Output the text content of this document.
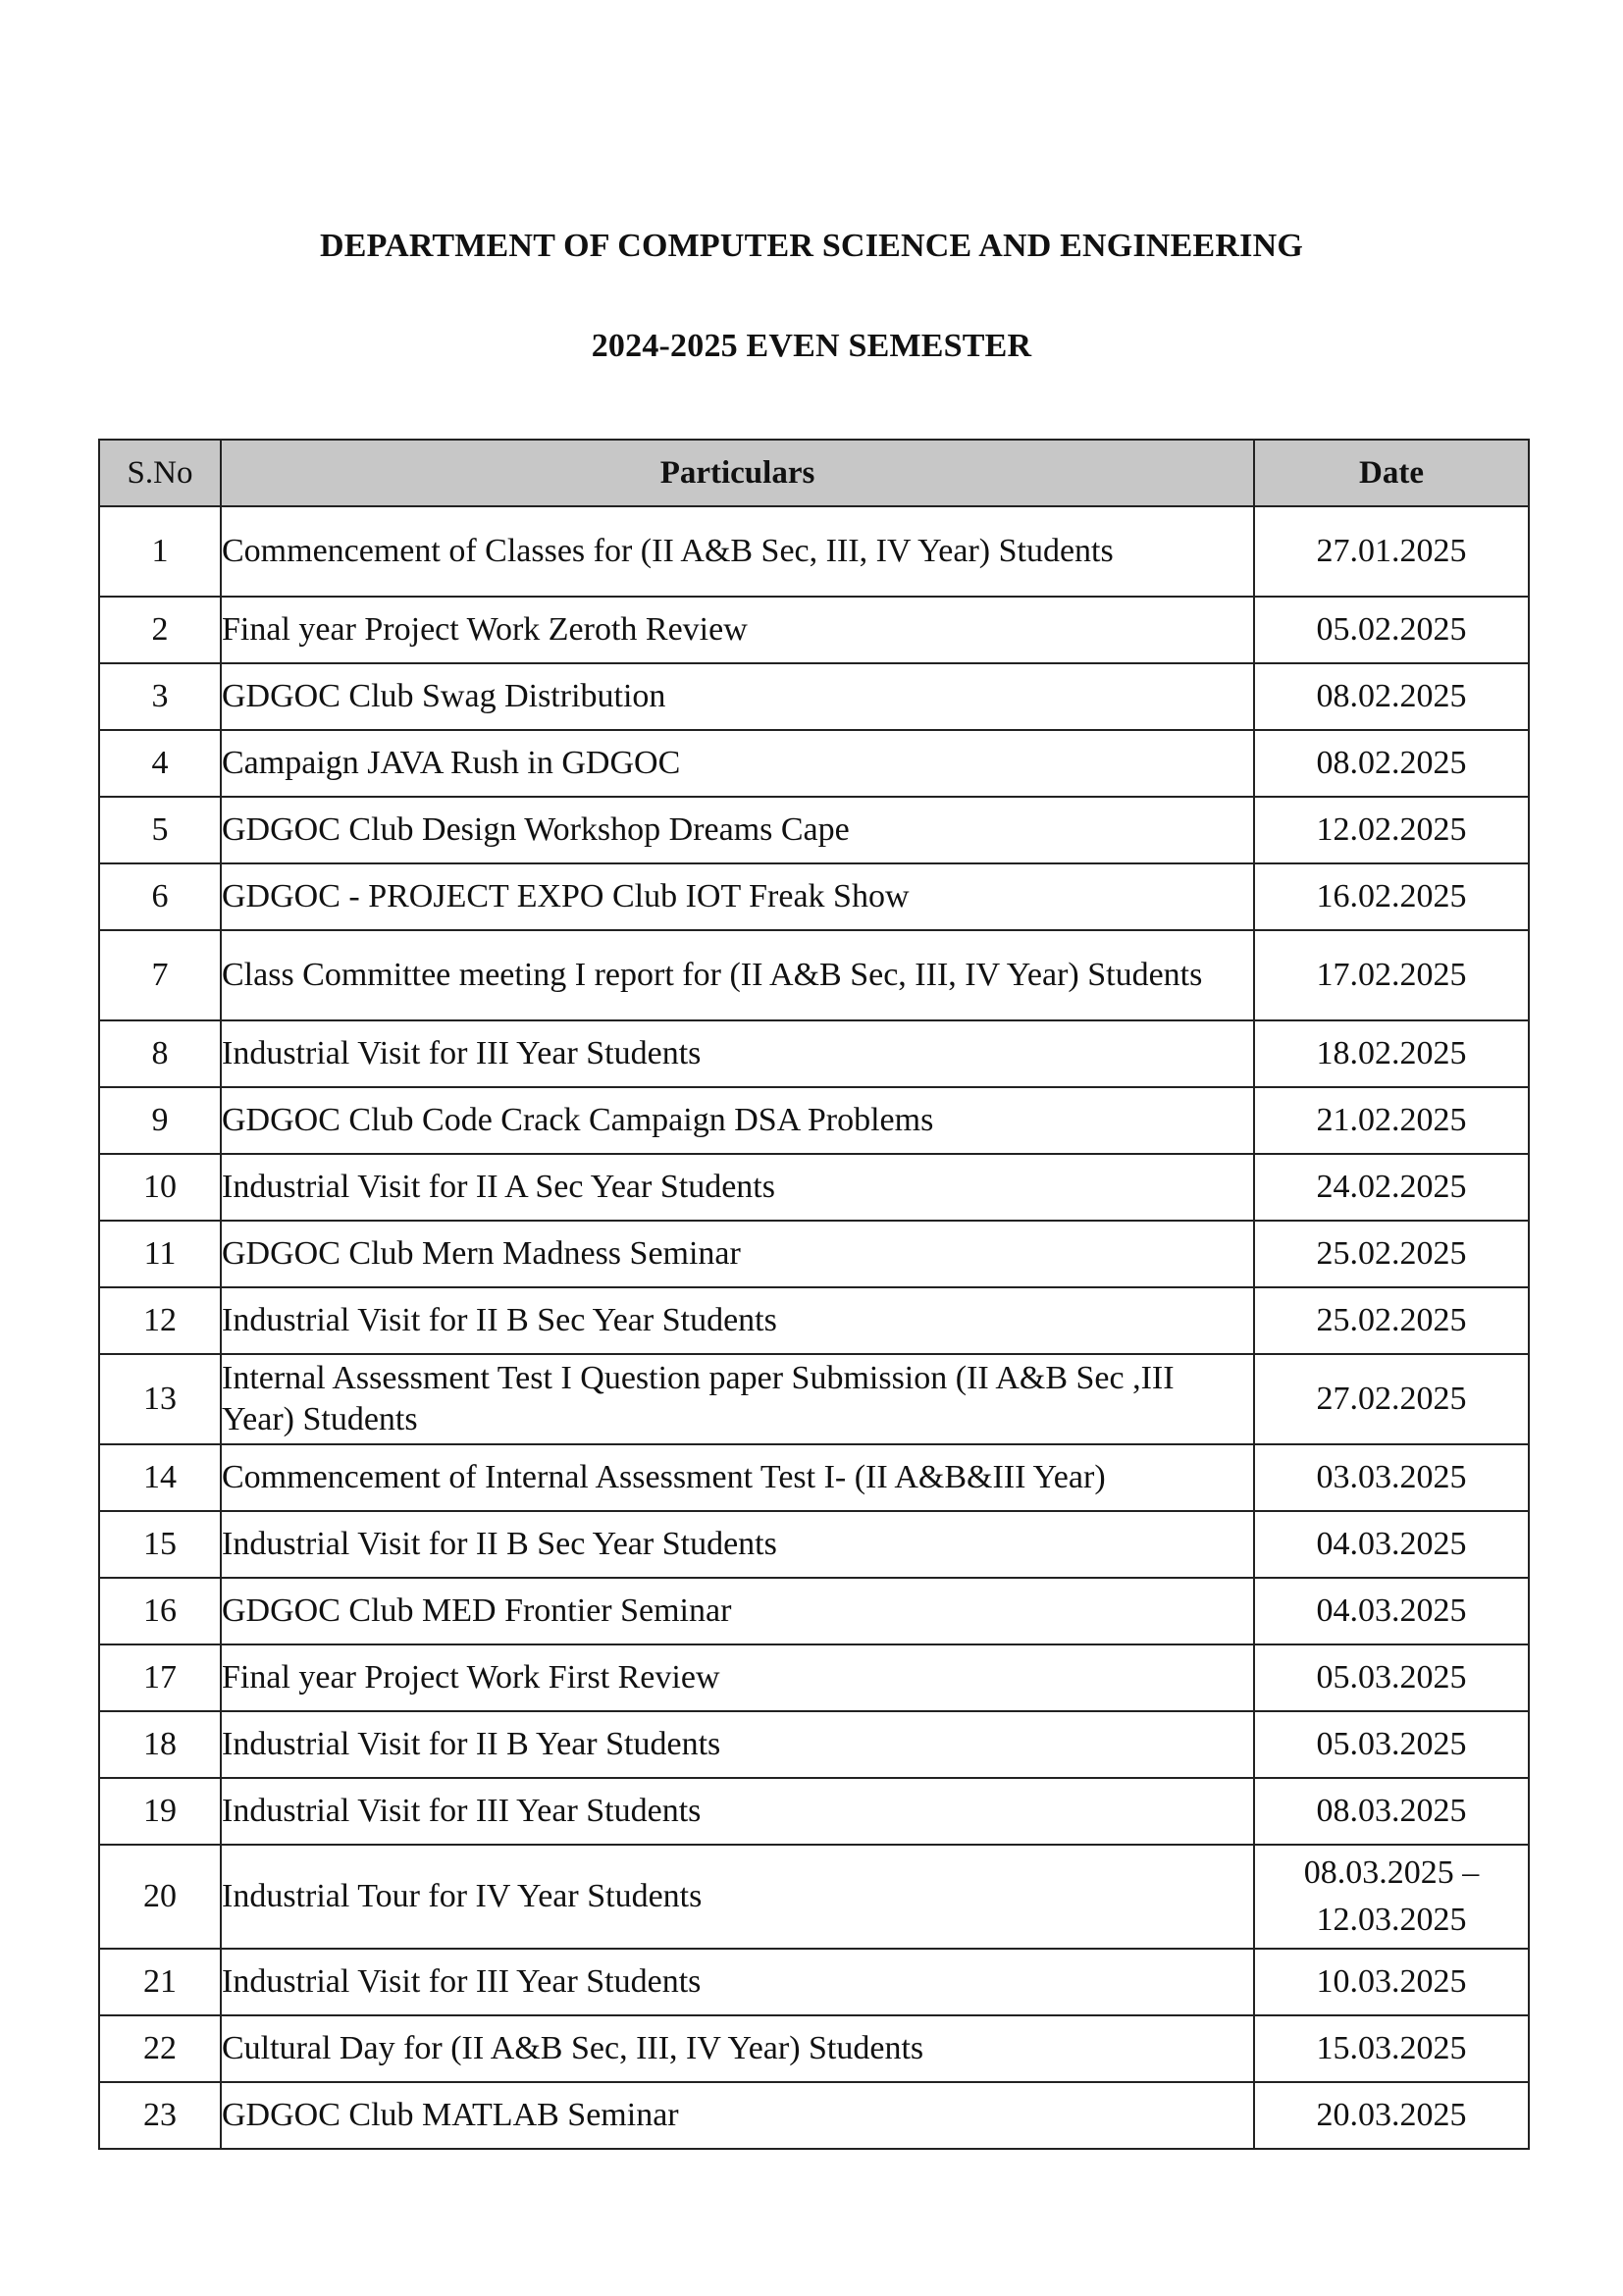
DEPARTMENT OF COMPUTER SCIENCE AND ENGINEERING
2024-2025 EVEN SEMESTER
S.No	Particulars	Date
1	Commencement of Classes for (II A&B Sec, III, IV Year) Students	27.01.2025
2	Final year Project Work Zeroth Review	05.02.2025
3	GDGOC Club Swag Distribution	08.02.2025
4	Campaign JAVA Rush in GDGOC	08.02.2025
5	GDGOC Club Design Workshop Dreams Cape	12.02.2025
6	GDGOC - PROJECT EXPO Club IOT Freak Show	16.02.2025
7	Class Committee meeting I report for (II A&B Sec, III, IV Year) Students	17.02.2025
8	Industrial Visit for III Year Students	18.02.2025
9	GDGOC Club Code Crack Campaign DSA Problems	21.02.2025
10	Industrial Visit for II A Sec Year Students	24.02.2025
11	GDGOC Club Mern Madness Seminar	25.02.2025
12	Industrial Visit for II B Sec Year Students	25.02.2025
13	Internal Assessment Test I Question paper Submission (II A&B Sec ,III Year) Students	27.02.2025
14	Commencement of Internal Assessment Test I- (II A&B&III Year)	03.03.2025
15	Industrial Visit for II B Sec Year Students	04.03.2025
16	GDGOC Club MED Frontier Seminar	04.03.2025
17	Final year Project Work First Review	05.03.2025
18	Industrial Visit for II B Year Students	05.03.2025
19	Industrial Visit for III Year Students	08.03.2025
20	Industrial Tour for IV Year Students	08.03.2025 – 12.03.2025
21	Industrial Visit for III Year Students	10.03.2025
22	Cultural Day for (II A&B Sec, III, IV Year) Students	15.03.2025
23	GDGOC Club MATLAB Seminar	20.03.2025
